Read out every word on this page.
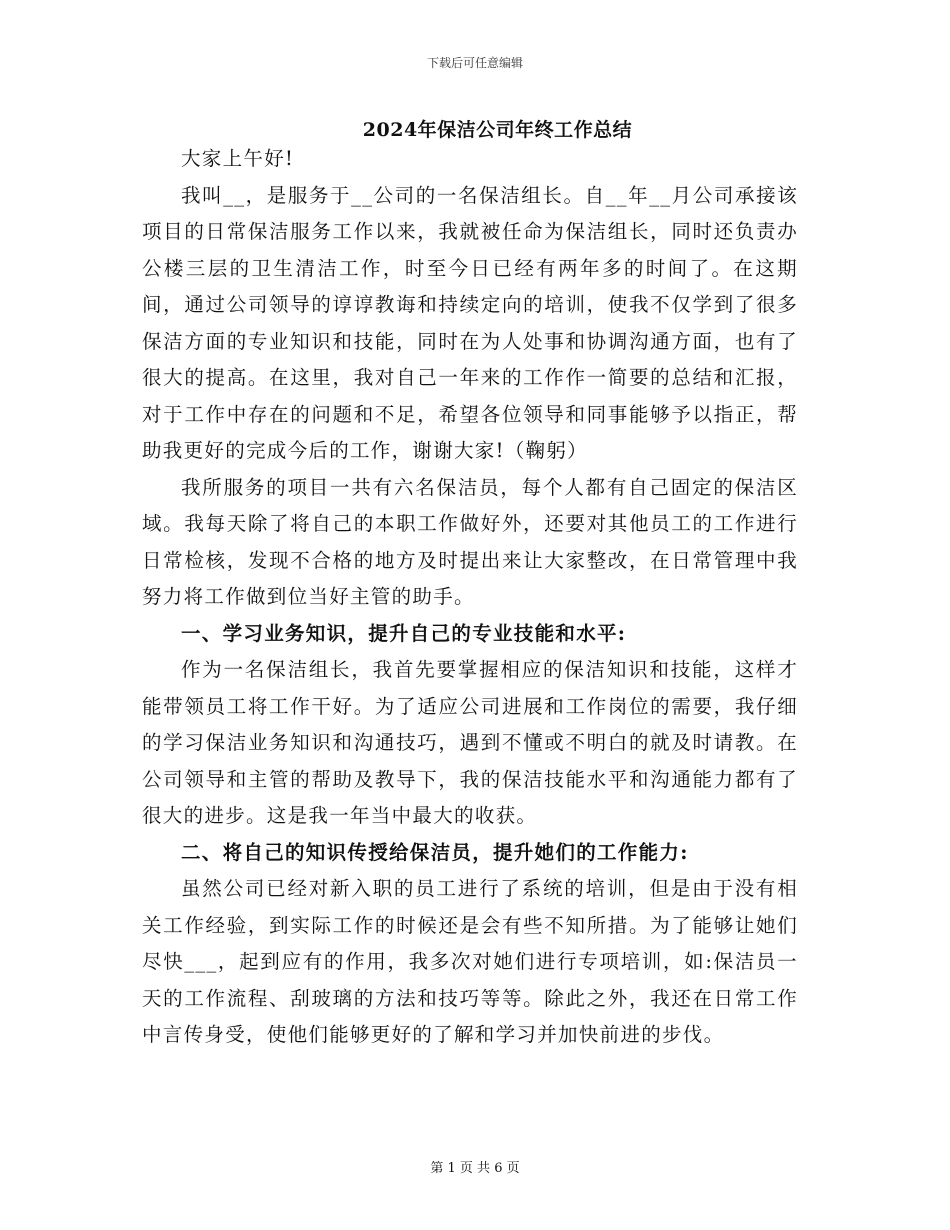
下载后可任意编辑
2024年保洁公司年终工作总结

大家上午好!

我叫__，是服务于__公司的一名保洁组长。自__年__月公司承接该项目的日常保洁服务工作以来，我就被任命为保洁组长，同时还负责办公楼三层的卫生清洁工作，时至今日已经有两年多的时间了。在这期间，通过公司领导的谆谆教诲和持续定向的培训，使我不仅学到了很多保洁方面的专业知识和技能，同时在为人处事和协调沟通方面，也有了很大的提高。在这里，我对自己一年来的工作作一简要的总结和汇报，对于工作中存在的问题和不足，希望各位领导和同事能够予以指正，帮助我更好的完成今后的工作，谢谢大家!（鞠躬）

我所服务的项目一共有六名保洁员，每个人都有自己固定的保洁区域。我每天除了将自己的本职工作做好外，还要对其他员工的工作进行日常检核，发现不合格的地方及时提出来让大家整改，在日常管理中我努力将工作做到位当好主管的助手。

一、学习业务知识，提升自己的专业技能和水平:

作为一名保洁组长，我首先要掌握相应的保洁知识和技能，这样才能带领员工将工作干好。为了适应公司进展和工作岗位的需要，我仔细的学习保洁业务知识和沟通技巧，遇到不懂或不明白的就及时请教。在公司领导和主管的帮助及教导下，我的保洁技能水平和沟通能力都有了很大的进步。这是我一年当中最大的收获。

二、将自己的知识传授给保洁员，提升她们的工作能力:

虽然公司已经对新入职的员工进行了系统的培训，但是由于没有相关工作经验，到实际工作的时候还是会有些不知所措。为了能够让她们尽快___，起到应有的作用，我多次对她们进行专项培训，如:保洁员一天的工作流程、刮玻璃的方法和技巧等等。除此之外，我还在日常工作中言传身受，使他们能够更好的了解和学习并加快前进的步伐。

第 1 页 共 6 页
